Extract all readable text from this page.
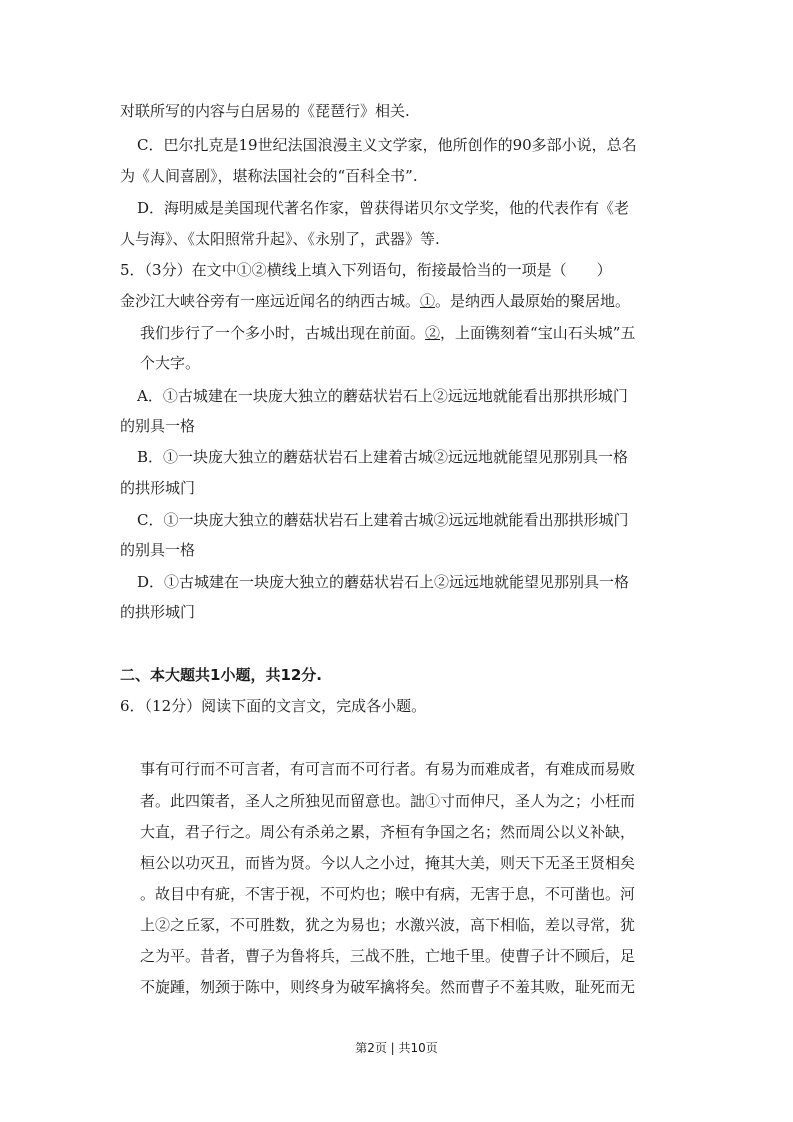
对联所写的内容与白居易的《琵琶行》相关.
C．巴尔扎克是19世纪法国浪漫主义文学家，他所创作的90多部小说，总名
为《人间喜剧》，堪称法国社会的“百科全书”.
D．海明威是美国现代著名作家，曾获得诺贝尔文学奖，他的代表作有《老
人与海》、《太阳照常升起》、《永别了，武器》等.
5．（3分）在文中①②横线上填入下列语句，衔接最恰当的一项是（　　）
金沙江大峡谷旁有一座远近闻名的纳西古城。①。是纳西人最原始的聚居地。
我们步行了一个多小时，古城出现在前面。②，上面镌刻着“宝山石头城”五
个大字。
A．①古城建在一块庞大独立的蘑菇状岩石上②远远地就能看出那拱形城门
的别具一格
B．①一块庞大独立的蘑菇状岩石上建着古城②远远地就能望见那别具一格
的拱形城门
C．①一块庞大独立的蘑菇状岩石上建着古城②远远地就能看出那拱形城门
的别具一格
D．①古城建在一块庞大独立的蘑菇状岩石上②远远地就能望见那别具一格
的拱形城门
二、本大题共1小题，共12分.
6．（12分）阅读下面的文言文，完成各小题。
事有可行而不可言者，有可言而不可行者。有易为而难成者，有难成而易败
者。此四策者，圣人之所独见而留意也。詘①寸而伸尺，圣人为之；小枉而
大直，君子行之。周公有杀弟之累，齐桓有争国之名；然而周公以义补缺，
桓公以功灭丑，而皆为贤。今以人之小过，掩其大美，则天下无圣王贤相矣
。故目中有疵，不害于视，不可灼也；喉中有病，无害于息，不可凿也。河
上②之丘冢，不可胜数，犹之为易也；水激兴波，高下相临，差以寻常，犹
之为平。昔者，曹子为鲁将兵，三战不胜，亡地千里。使曹子计不顾后，足
不旋踵，刎颈于陈中，则终身为破军擒将矣。然而曹子不羞其败，耻死而无
第2页 | 共10页
